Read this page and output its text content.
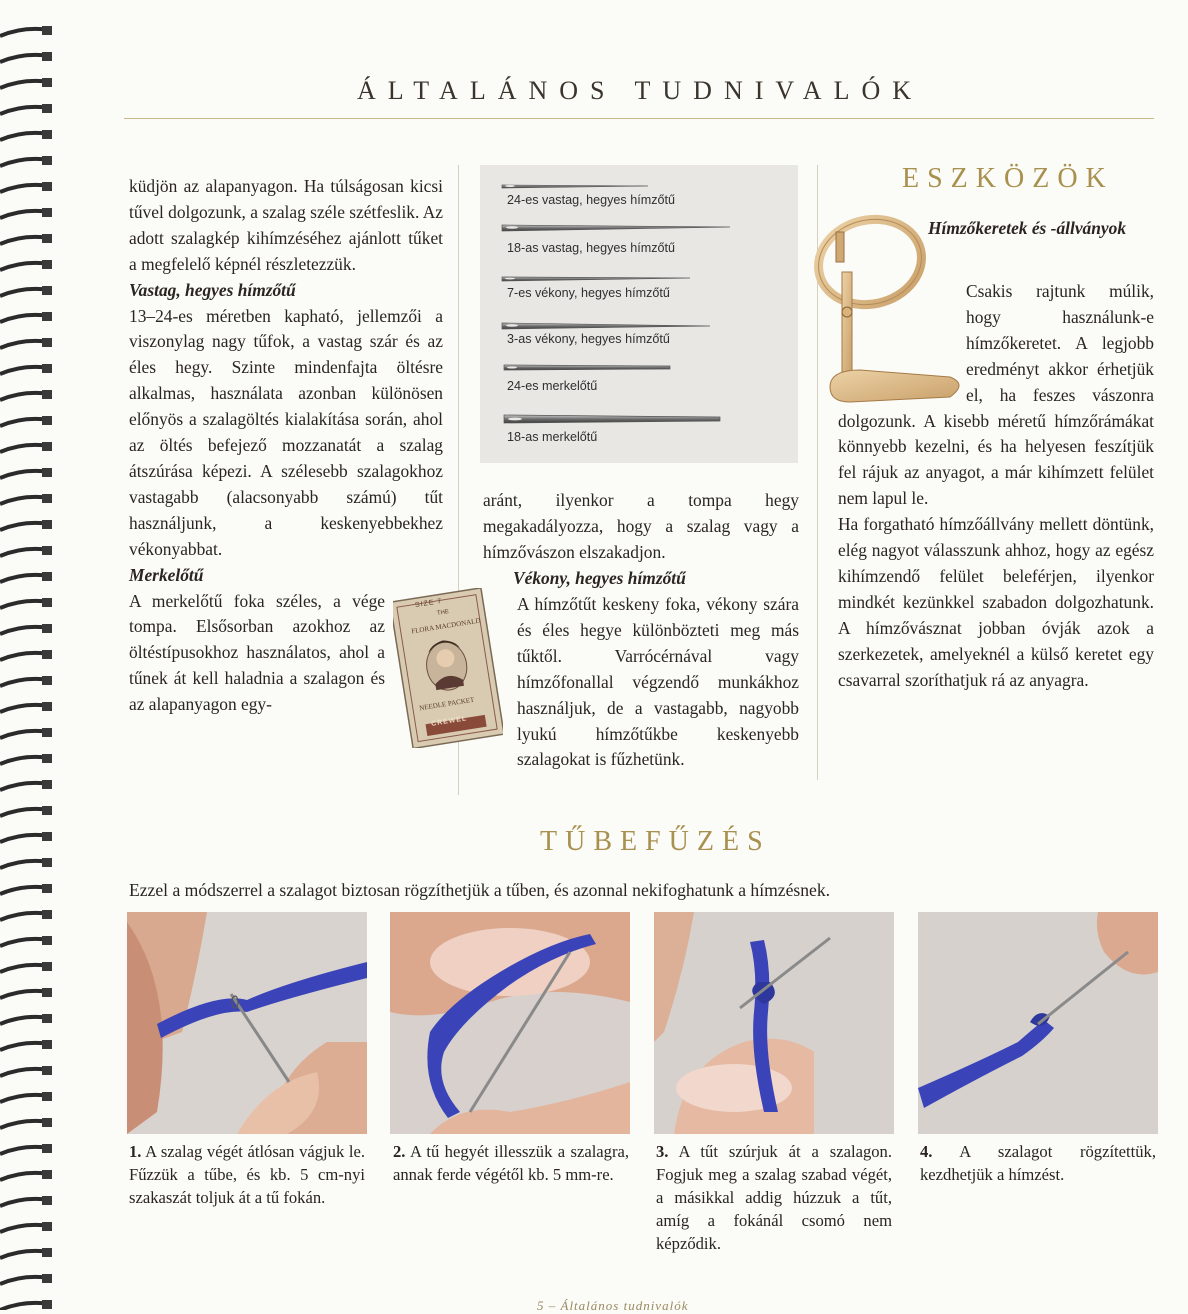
ÁLTALÁNOS TUDNIVALÓK

küdjön az alapanyagon. Ha túlságosan kicsi tűvel dolgozunk, a szalag széle szétfeslik. Az adott szalagkép kihímzéséhez ajánlott tűket a megfelelő képnél részletezzük.

Vastag, hegyes hímzőtű

13–24-es méretben kapható, jellemzői a viszonylag nagy tűfok, a vastag szár és az éles hegy. Szinte mindenfajta öltésre alkalmas, használata azonban különösen előnyös a szalagöltés kialakítása során, ahol az öltés befejező mozzanatát a szalag átszúrása képezi. A szélesebb szalagokhoz vastagabb (alacsonyabb számú) tűt használjunk, a keskenyebbekhez vékonyabbat.

Merkelőtű

A merkelőtű foka széles, a vége tompa. Elsősorban azokhoz az öltéstípusokhoz használatos, ahol a tűnek át kell haladnia a szalagon és az alapanyagon egy-

24-es vastag, hegyes hímzőtű
18-as vastag, hegyes hímzőtű
7-es vékony, hegyes hímzőtű
3-as vékony, hegyes hímzőtű
24-es merkelőtű
18-as merkelőtű

aránt, ilyenkor a tompa hegy megakadályozza, hogy a szalag vagy a hímzővászon elszakadjon.

Vékony, hegyes hímzőtű

A hímzőtűt keskeny foka, vékony szára és éles hegye különbözteti meg más tűktől. Varrócérnával vagy hímzőfonallal végzendő munkákhoz használjuk, de a vastagabb, nagyobb lyukú hímzőtűkbe keskenyebb szalagokat is fűzhetünk.

SIZE 7
THE
FLORA MACDONALD
NEEDLE PACKET
CREWEL
ESZKÖZÖK

Hímzőkeretek és -állványok

Csakis rajtunk múlik, hogy használunk-e hímzőkeretet. A legjobb eredményt akkor érhetjük el, ha feszes vászonra dolgozunk. A kisebb méretű hímzőrámákat könnyebb kezelni, és ha helyesen feszítjük fel rájuk az anyagot, a már kihímzett felület nem lapul le.

Ha forgatható hímzőállvány mellett döntünk, elég nagyot válasszunk ahhoz, hogy az egész kihímzendő felület beleférjen, ilyenkor mindkét kezünkkel szabadon dolgozhatunk. A hímzővásznat jobban óvják azok a szerkezetek, amelyeknél a külső keretet egy csavarral szoríthatjuk rá az anyagra.

TŰBEFŰZÉS
Ezzel a módszerrel a szalagot biztosan rögzíthetjük a tűben, és azonnal nekifoghatunk a hímzésnek.
1. A szalag végét átlósan vágjuk le. Fűzzük a tűbe, és kb. 5 cm-nyi szakaszát toljuk át a tű fokán.
2. A tű hegyét illesszük a szalagra, annak ferde végétől kb. 5 mm-re.
3. A tűt szúrjuk át a szalagon. Fogjuk meg a szalag szabad végét, a másikkal addig húzzuk a tűt, amíg a fokánál csomó nem képződik.
4. A szalagot rögzítettük, kezdhetjük a hímzést.
5 – Általános tudnivalók
